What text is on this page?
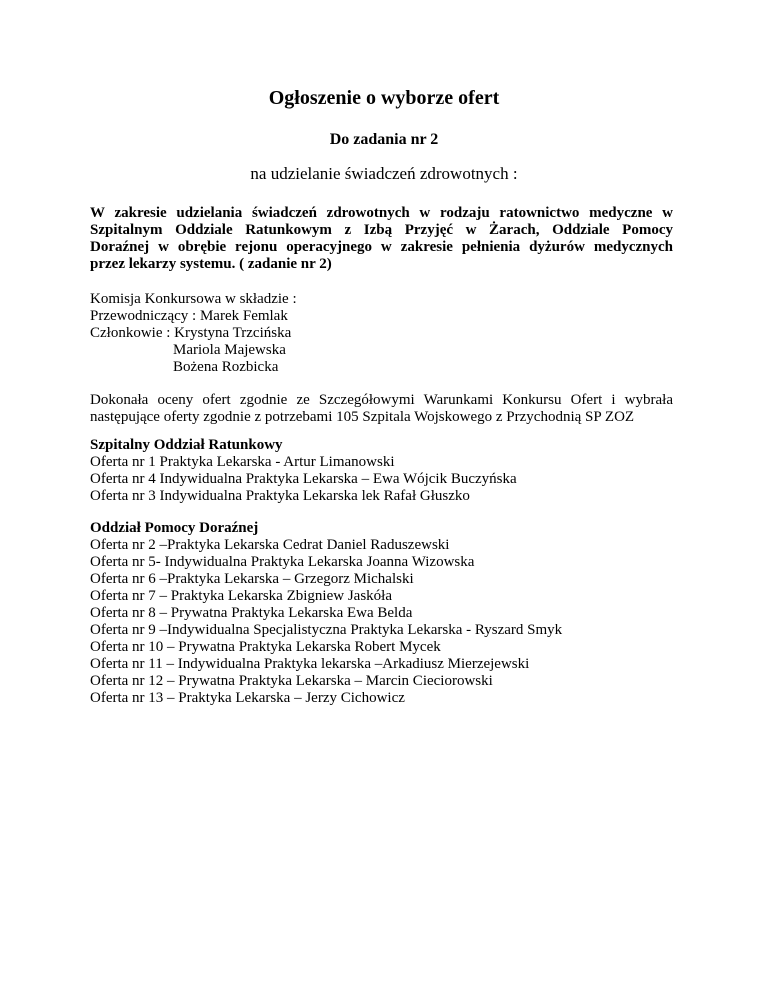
Ogłoszenie o wyborze ofert
Do zadania nr 2
na udzielanie świadczeń zdrowotnych :
W zakresie udzielania świadczeń zdrowotnych w rodzaju ratownictwo medyczne w
Szpitalnym Oddziale Ratunkowym z Izbą Przyjęć w Żarach, Oddziale Pomocy
Doraźnej w obrębie rejonu operacyjnego w zakresie pełnienia dyżurów medycznych
przez lekarzy systemu. ( zadanie nr 2)
Komisja Konkursowa w składzie :
Przewodniczący : Marek Femlak
Członkowie : Krystyna Trzcińska
Mariola Majewska
Bożena Rozbicka
Dokonała oceny ofert zgodnie ze Szczegółowymi Warunkami Konkursu Ofert i wybrała
następujące oferty zgodnie z potrzebami 105 Szpitala Wojskowego z Przychodnią SP ZOZ
Szpitalny Oddział Ratunkowy
Oferta nr 1 Praktyka Lekarska - Artur Limanowski
Oferta nr 4 Indywidualna Praktyka Lekarska – Ewa Wójcik Buczyńska
Oferta nr 3 Indywidualna Praktyka Lekarska lek Rafał Głuszko
Oddział Pomocy Doraźnej
Oferta nr 2 –Praktyka Lekarska Cedrat Daniel Raduszewski
Oferta nr 5- Indywidualna Praktyka Lekarska Joanna Wizowska
Oferta nr 6 –Praktyka Lekarska – Grzegorz Michalski
Oferta nr 7 – Praktyka Lekarska Zbigniew Jaskóła
Oferta nr 8 – Prywatna Praktyka Lekarska Ewa Belda
Oferta nr 9 –Indywidualna Specjalistyczna Praktyka Lekarska - Ryszard Smyk
Oferta nr 10 – Prywatna Praktyka Lekarska Robert Mycek
Oferta nr 11 – Indywidualna Praktyka lekarska –Arkadiusz Mierzejewski
Oferta nr 12 – Prywatna Praktyka Lekarska – Marcin Cieciorowski
Oferta nr 13 – Praktyka Lekarska – Jerzy Cichowicz
